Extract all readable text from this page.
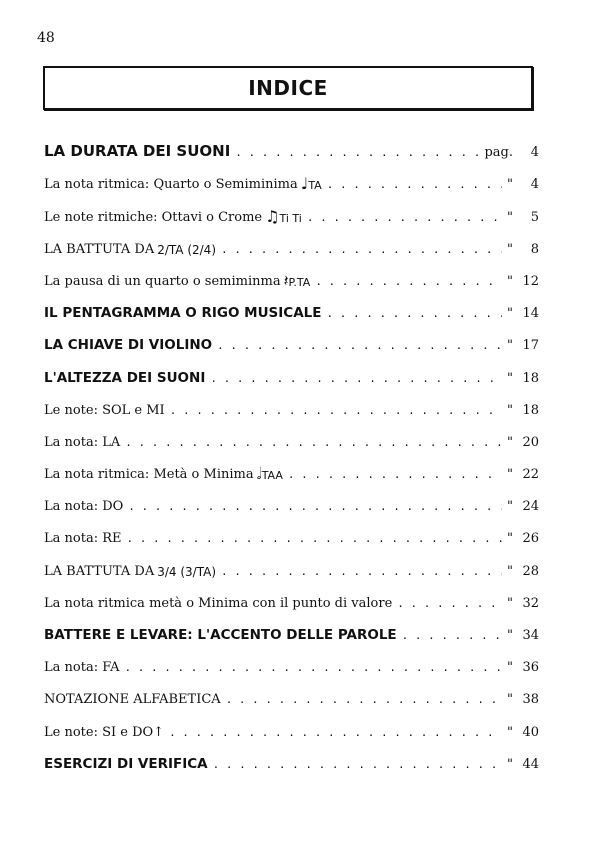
48
INDICE
LA DURATA DEI SUONI . . .	pag.	4
La nota ritmica: Quarto o Semiminima ♩TA . . .	"	4
Le note ritmiche: Ottavi o Crome ♫Ti Ti . . .	"	5
LA BATTUTA DA 2/TA (2/4) . . .	"	8
La pausa di un quarto o semiminma 𝄽P.TA . . .	" 12
IL PENTAGRAMMA O RIGO MUSICALE . . .	" 14
LA CHIAVE DI VIOLINO . . .	" 17
L'ALTEZZA DEI SUONI . . .	" 18
Le note: SOL e MI . . .	" 18
La nota: LA . . .	" 20
La nota ritmica: Metà o Minima 𝅗𝅥TAA . . .	" 22
La nota: DO . . .	" 24
La nota: RE . . .	" 26
LA BATTUTA DA 3/4 (3/TA) . . .	" 28
La nota ritmica metà o Minima con il punto di valore . . .	" 32
BATTERE E LEVARE: L'ACCENTO DELLE PAROLE . . .	" 34
La nota: FA . . .	" 36
NOTAZIONE ALFABETICA . . .	" 38
Le note: SI e DO↑ . . .	" 40
ESERCIZI DI VERIFICA . . .	" 44
